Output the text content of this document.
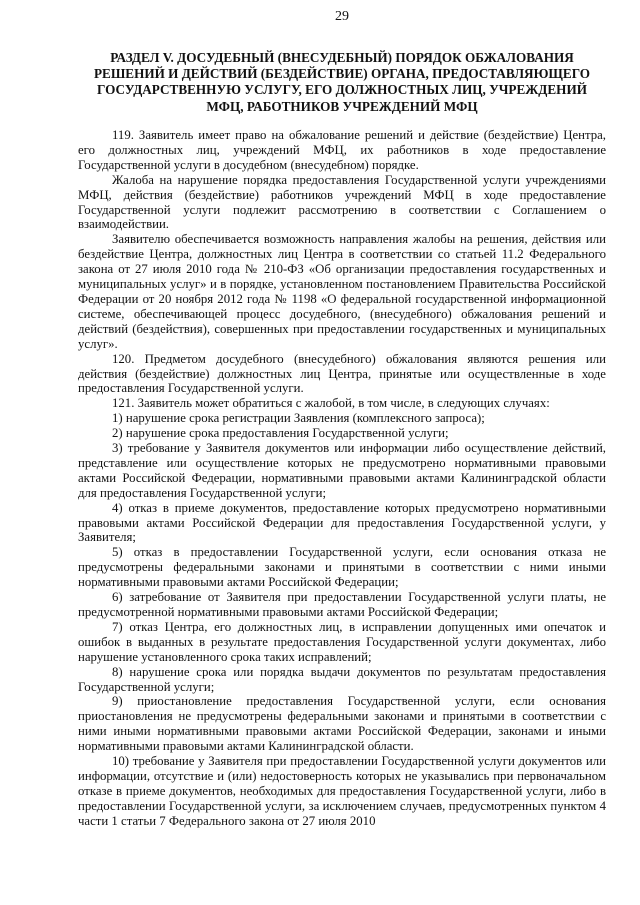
29
РАЗДЕЛ V. ДОСУДЕБНЫЙ (ВНЕСУДЕБНЫЙ) ПОРЯДОК ОБЖАЛОВАНИЯ
РЕШЕНИЙ И ДЕЙСТВИЙ (БЕЗДЕЙСТВИЕ) ОРГАНА, ПРЕДОСТАВЛЯЮЩЕГО
ГОСУДАРСТВЕННУЮ УСЛУГУ, ЕГО ДОЛЖНОСТНЫХ ЛИЦ, УЧРЕЖДЕНИЙ
МФЦ, РАБОТНИКОВ УЧРЕЖДЕНИЙ МФЦ

119. Заявитель имеет право на обжалование решений и действие (бездействие) Центра, его должностных лиц, учреждений МФЦ, их работников в ходе предоставление Государственной услуги в досудебном (внесудебном) порядке.

Жалоба на нарушение порядка предоставления Государственной услуги учреждениями МФЦ, действия (бездействие) работников учреждений МФЦ в ходе предоставление Государственной услуги подлежит рассмотрению в соответствии с Соглашением о взаимодействии.

Заявителю обеспечивается возможность направления жалобы на решения, действия или бездействие Центра, должностных лиц Центра в соответствии со статьей 11.2 Федерального закона от 27 июля 2010 года № 210-ФЗ «Об организации предоставления государственных и муниципальных услуг» и в порядке, установленном постановлением Правительства Российской Федерации от 20 ноября 2012 года № 1198 «О федеральной государственной информационной системе, обеспечивающей процесс досудебного, (внесудебного) обжалования решений и действий (бездействия), совершенных при предоставлении государственных и муниципальных услуг».

120. Предметом досудебного (внесудебного) обжалования являются решения или действия (бездействие) должностных лиц Центра, принятые или осуществленные в ходе предоставления Государственной услуги.

121. Заявитель может обратиться с жалобой, в том числе, в следующих случаях:

1) нарушение срока регистрации Заявления (комплексного запроса);

2) нарушение срока предоставления Государственной услуги;

3) требование у Заявителя документов или информации либо осуществление действий, представление или осуществление которых не предусмотрено нормативными правовыми актами Российской Федерации, нормативными правовыми актами Калининградской области для предоставления Государственной услуги;

4) отказ в приеме документов, предоставление которых предусмотрено нормативными правовыми актами Российской Федерации для предоставления Государственной услуги, у Заявителя;

5) отказ в предоставлении Государственной услуги, если основания отказа не предусмотрены федеральными законами и принятыми в соответствии с ними иными нормативными правовыми актами Российской Федерации;

6) затребование от Заявителя при предоставлении Государственной услуги платы, не предусмотренной нормативными правовыми актами Российской Федерации;

7) отказ Центра, его должностных лиц, в исправлении допущенных ими опечаток и ошибок в выданных в результате предоставления Государственной услуги документах, либо нарушение установленного срока таких исправлений;

8) нарушение срока или порядка выдачи документов по результатам предоставления Государственной услуги;

9) приостановление предоставления Государственной услуги, если основания приостановления не предусмотрены федеральными законами и принятыми в соответствии с ними иными нормативными правовыми актами Российской Федерации, законами и иными нормативными правовыми актами Калининградской области.

10) требование у Заявителя при предоставлении Государственной услуги документов или информации, отсутствие и (или) недостоверность которых не указывались при первоначальном отказе в приеме документов, необходимых для предоставления Государственной услуги, либо в предоставлении Государственной услуги, за исключением случаев, предусмотренных пунктом 4 части 1 статьи 7 Федерального закона от 27 июля 2010
